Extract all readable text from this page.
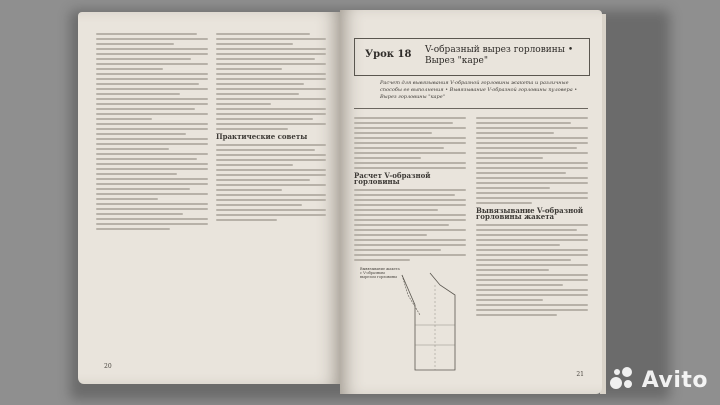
Практические советы
20
Урок 18 V-образный вырез горловины • Вырез "каре"
Расчет для вывязывания V-образной горловины жакета и различные способы ее выполнения • Вывязывание V-образной горловины пуловера • Вырез горловины "каре"
Расчет V-образной горловины
Вывязывание V-образной горловины жакета
Вывязывание жакета с V-образным вырезом горловины
21	Avito
